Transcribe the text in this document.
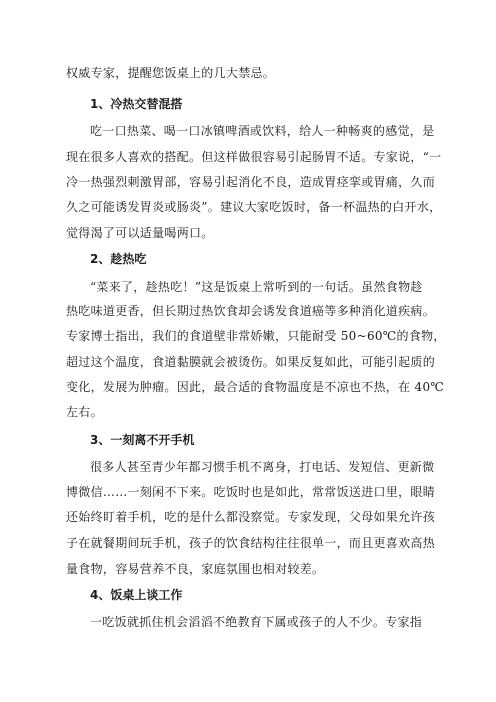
权威专家，提醒您饭桌上的几大禁忌。
1、冷热交替混搭
吃一口热菜、喝一口冰镇啤酒或饮料，给人一种畅爽的感觉，是
现在很多人喜欢的搭配。但这样做很容易引起肠胃不适。专家说，“一
冷一热强烈刺激胃部，容易引起消化不良，造成胃痉挛或胃痛，久而
久之可能诱发胃炎或肠炎”。建议大家吃饭时，备一杯温热的白开水，
觉得渴了可以适量喝两口。
2、趁热吃
“菜来了，趁热吃！”这是饭桌上常听到的一句话。虽然食物趁
热吃味道更香，但长期过热饮食却会诱发食道癌等多种消化道疾病。
专家博士指出，我们的食道壁非常娇嫩，只能耐受 50~60℃的食物，
超过这个温度，食道黏膜就会被烫伤。如果反复如此，可能引起质的
变化，发展为肿瘤。因此，最合适的食物温度是不凉也不热，在 40℃
左右。
3、一刻离不开手机
很多人甚至青少年都习惯手机不离身，打电话、发短信、更新微
博微信……一刻闲不下来。吃饭时也是如此，常常饭送进口里，眼睛
还始终盯着手机，吃的是什么都没察觉。专家发现，父母如果允许孩
子在就餐期间玩手机，孩子的饮食结构往往很单一，而且更喜欢高热
量食物，容易营养不良，家庭氛围也相对较差。
4、饭桌上谈工作
一吃饭就抓住机会滔滔不绝教育下属或孩子的人不少。专家指
